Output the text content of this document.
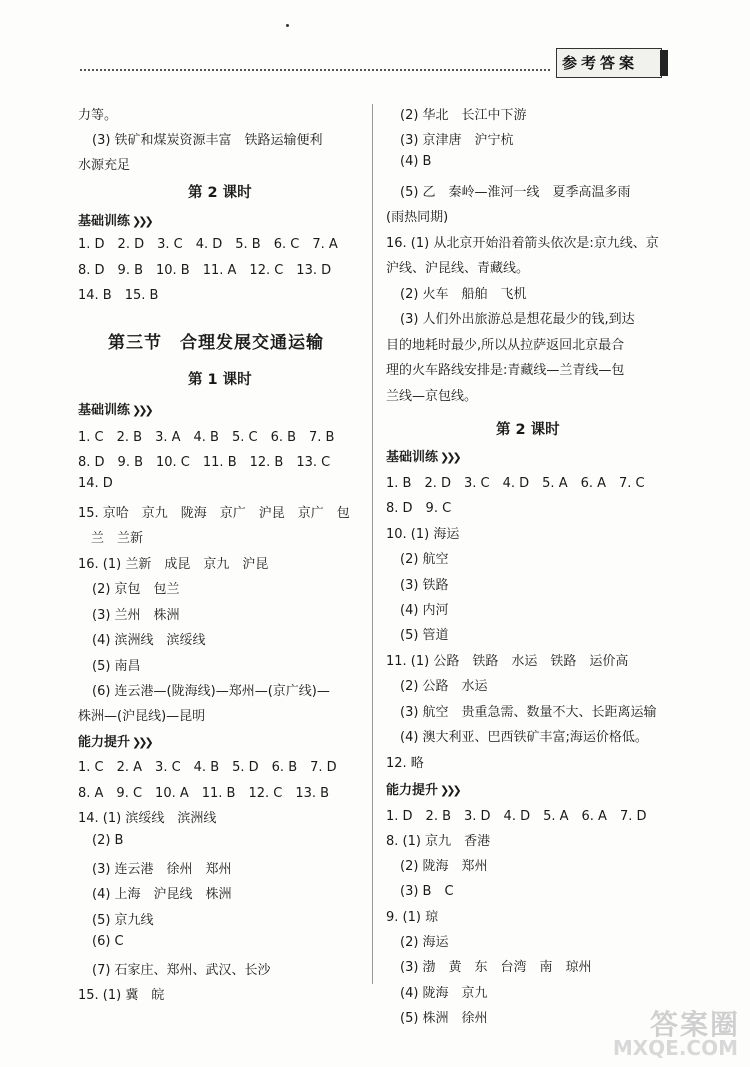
参考答案
力等。
(3) 铁矿和煤炭资源丰富　铁路运输便利
水源充足
第 2 课时
基础训练 ❯❯❯
1. D　2. D　3. C　4. D　5. B　6. C　7. A
8. D　9. B　10. B　11. A　12. C　13. D
14. B　15. B
第三节　合理发展交通运输
第 1 课时
基础训练 ❯❯❯
1. C　2. B　3. A　4. B　5. C　6. B　7. B
8. D　9. B　10. C　11. B　12. B　13. C
14. D
15. 京哈　京九　陇海　京广　沪昆　京广　包
　兰　兰新
16. (1) 兰新　成昆　京九　沪昆
(2) 京包　包兰
(3) 兰州　株洲
(4) 滨洲线　滨绥线
(5) 南昌
(6) 连云港—(陇海线)—郑州—(京广线)—
株洲—(沪昆线)—昆明
能力提升 ❯❯❯
1. C　2. A　3. C　4. B　5. D　6. B　7. D
8. A　9. C　10. A　11. B　12. C　13. B
14. (1) 滨绥线　滨洲线
(2) B
(3) 连云港　徐州　郑州
(4) 上海　沪昆线　株洲
(5) 京九线
(6) C
(7) 石家庄、郑州、武汉、长沙
15. (1) 冀　皖
(2) 华北　长江中下游
(3) 京津唐　沪宁杭
(4) B
(5) 乙　秦岭—淮河一线　夏季高温多雨
(雨热同期)
16. (1) 从北京开始沿着箭头依次是:京九线、京
沪线、沪昆线、青藏线。
(2) 火车　船舶　飞机
(3) 人们外出旅游总是想花最少的钱,到达
目的地耗时最少,所以从拉萨返回北京最合
理的火车路线安排是:青藏线—兰青线—包
兰线—京包线。
第 2 课时
基础训练 ❯❯❯
1. B　2. D　3. C　4. D　5. A　6. A　7. C
8. D　9. C
10. (1) 海运
(2) 航空
(3) 铁路
(4) 内河
(5) 管道
11. (1) 公路　铁路　水运　铁路　运价高
(2) 公路　水运
(3) 航空　贵重急需、数量不大、长距离运输
(4) 澳大利亚、巴西铁矿丰富;海运价格低。
12. 略
能力提升 ❯❯❯
1. D　2. B　3. D　4. D　5. A　6. A　7. D
8. (1) 京九　香港
(2) 陇海　郑州
(3) B　C
9. (1) 琼
(2) 海运
(3) 渤　黄　东　台湾　南　琼州
(4) 陇海　京九
(5) 株洲　徐州	答案圈
MXQE.COM
